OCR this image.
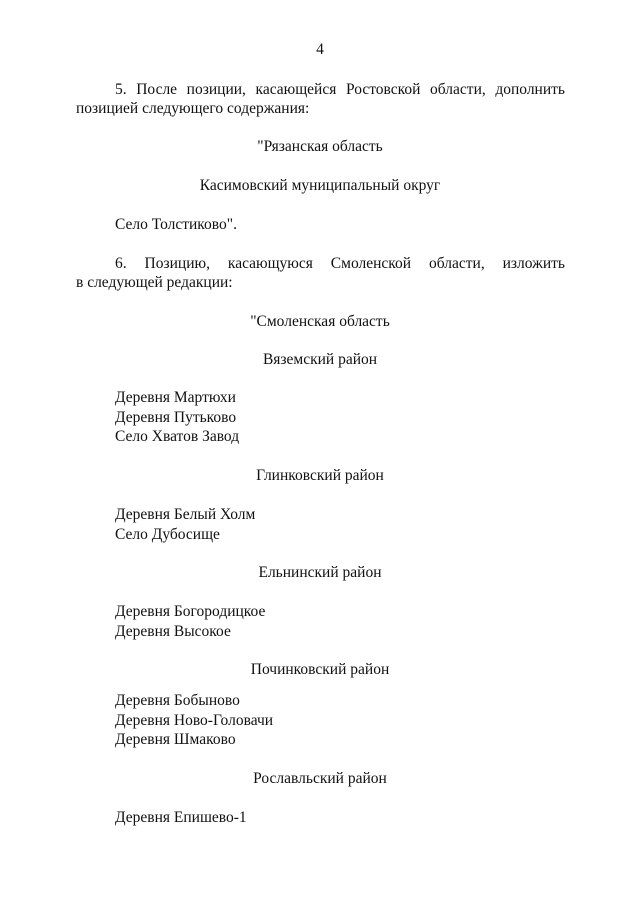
4
5. После позиции, касающейся Ростовской области, дополнить
позицией следующего содержания:
"Рязанская область
Касимовский муниципальный округ
Село Толстиково".
6. Позицию, касающуюся Смоленской области, изложить
в следующей редакции:
"Смоленская область
Вяземский район
Деревня Мартюхи
Деревня Путьково
Село Хватов Завод
Глинковский район
Деревня Белый Холм
Село Дубосище
Ельнинский район
Деревня Богородицкое
Деревня Высокое
Починковский район
Деревня Бобыново
Деревня Ново-Головачи
Деревня Шмаково
Рославльский район
Деревня Епишево-1
